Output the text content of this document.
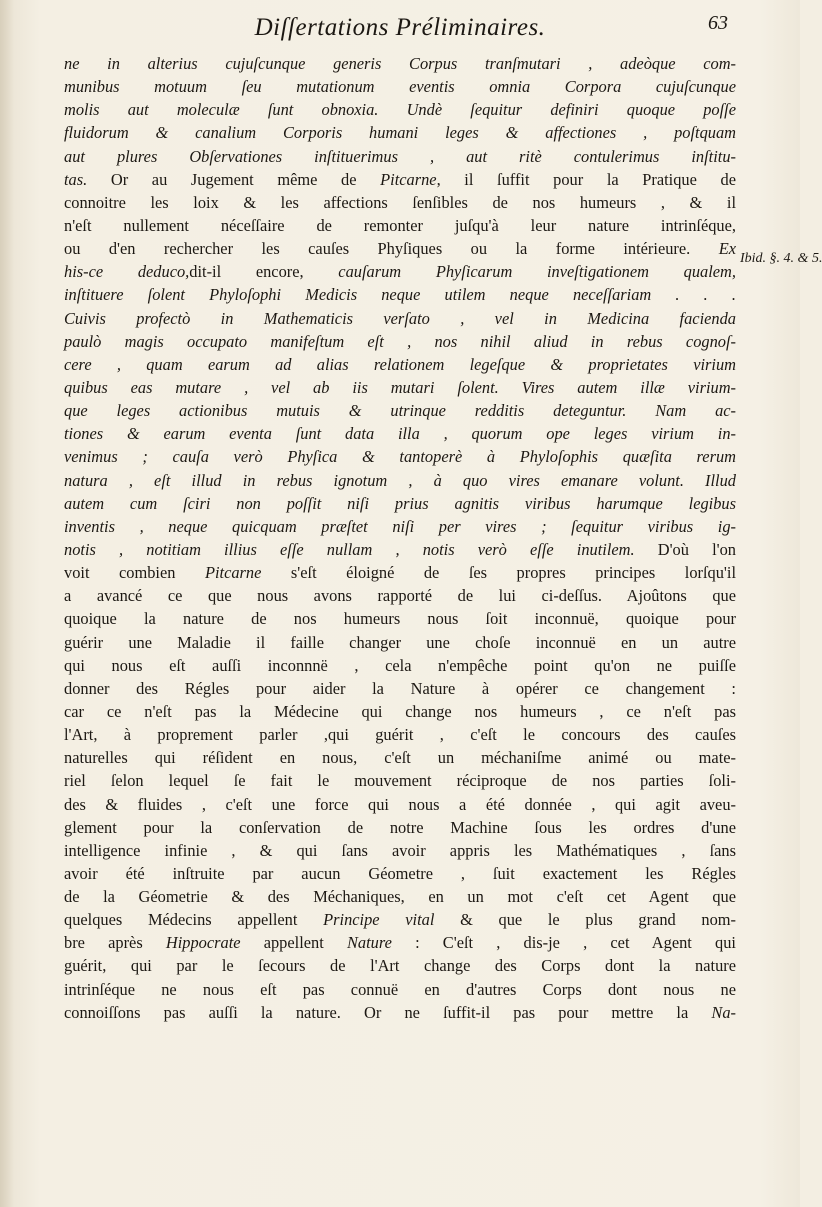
Diſſertations Préliminaires.	63
Ibid. §. 4. & 5.
ne in alterius cujuſcunque generis Corpus tranſmutari , adeòque com-
munibus motuum ſeu mutationum eventis omnia Corpora cujuſcunque
molis aut moleculæ ſunt obnoxia. Undè ſequitur definiri quoque poſſe
fluidorum & canalium Corporis humani leges & affectiones , poſtquam
aut plures Obſervationes inſtituerimus , aut ritè contulerimus inſtitu-
tas. Or au Jugement même de Pitcarne, il ſuffit pour la Pratique de
connoitre les loix & les affections ſenſibles de nos humeurs , & il
n'eſt nullement néceſſaire de remonter juſqu'à leur nature intrinſéque,
ou d'en rechercher les cauſes Phyſiques ou la forme intérieure. Ex
his-ce deduco,dit-il encore, cauſarum Phyſicarum inveſtigationem qualem,
inſtituere ſolent Phyloſophi Medicis neque utilem neque neceſſariam . . .
Cuivis profectò in Mathematicis verſato , vel in Medicina facienda
paulò magis occupato manifeſtum eſt , nos nihil aliud in rebus cognoſ-
cere , quam earum ad alias relationem legeſque & proprietates virium
quibus eas mutare , vel ab iis mutari ſolent. Vires autem illæ virium-
que leges actionibus mutuis & utrinque redditis deteguntur. Nam ac-
tiones & earum eventa ſunt data illa , quorum ope leges virium in-
venimus ; cauſa verò Phyſica & tantoperè à Phyloſophis quæſita rerum
natura , eſt illud in rebus ignotum , à quo vires emanare volunt. Illud
autem cum ſciri non poſſit niſi prius agnitis viribus harumque legibus
inventis , neque quicquam præſtet niſi per vires ; ſequitur viribus ig-
notis , notitiam illius eſſe nullam , notis verò eſſe inutilem. D'où l'on
voit combien Pitcarne s'eſt éloigné de ſes propres principes lorſqu'il
a avancé ce que nous avons rapporté de lui ci-deſſus. Ajoûtons que
quoique la nature de nos humeurs nous ſoit inconnuë, quoique pour
guérir une Maladie il faille changer une choſe inconnuë en un autre
qui nous eſt auſſi inconnnë , cela n'empêche point qu'on ne puiſſe
donner des Régles pour aider la Nature à opérer ce changement :
car ce n'eſt pas la Médecine qui change nos humeurs , ce n'eſt pas
l'Art, à proprement parler ,qui guérit , c'eſt le concours des cauſes
naturelles qui réſident en nous, c'eſt un méchaniſme animé ou mate-
riel ſelon lequel ſe fait le mouvement réciproque de nos parties ſoli-
des & fluides , c'eſt une force qui nous a été donnée , qui agit aveu-
glement pour la conſervation de notre Machine ſous les ordres d'une
intelligence infinie , & qui ſans avoir appris les Mathématiques , ſans
avoir été inſtruite par aucun Géometre , ſuit exactement les Régles
de la Géometrie & des Méchaniques, en un mot c'eſt cet Agent que
quelques Médecins appellent Principe vital & que le plus grand nom-
bre après Hippocrate appellent Nature : C'eſt , dis-je , cet Agent qui
guérit, qui par le ſecours de l'Art change des Corps dont la nature
intrinſéque ne nous eſt pas connuë en d'autres Corps dont nous ne
connoiſſons pas auſſi la nature. Or ne ſuffit-il pas pour mettre la Na-
